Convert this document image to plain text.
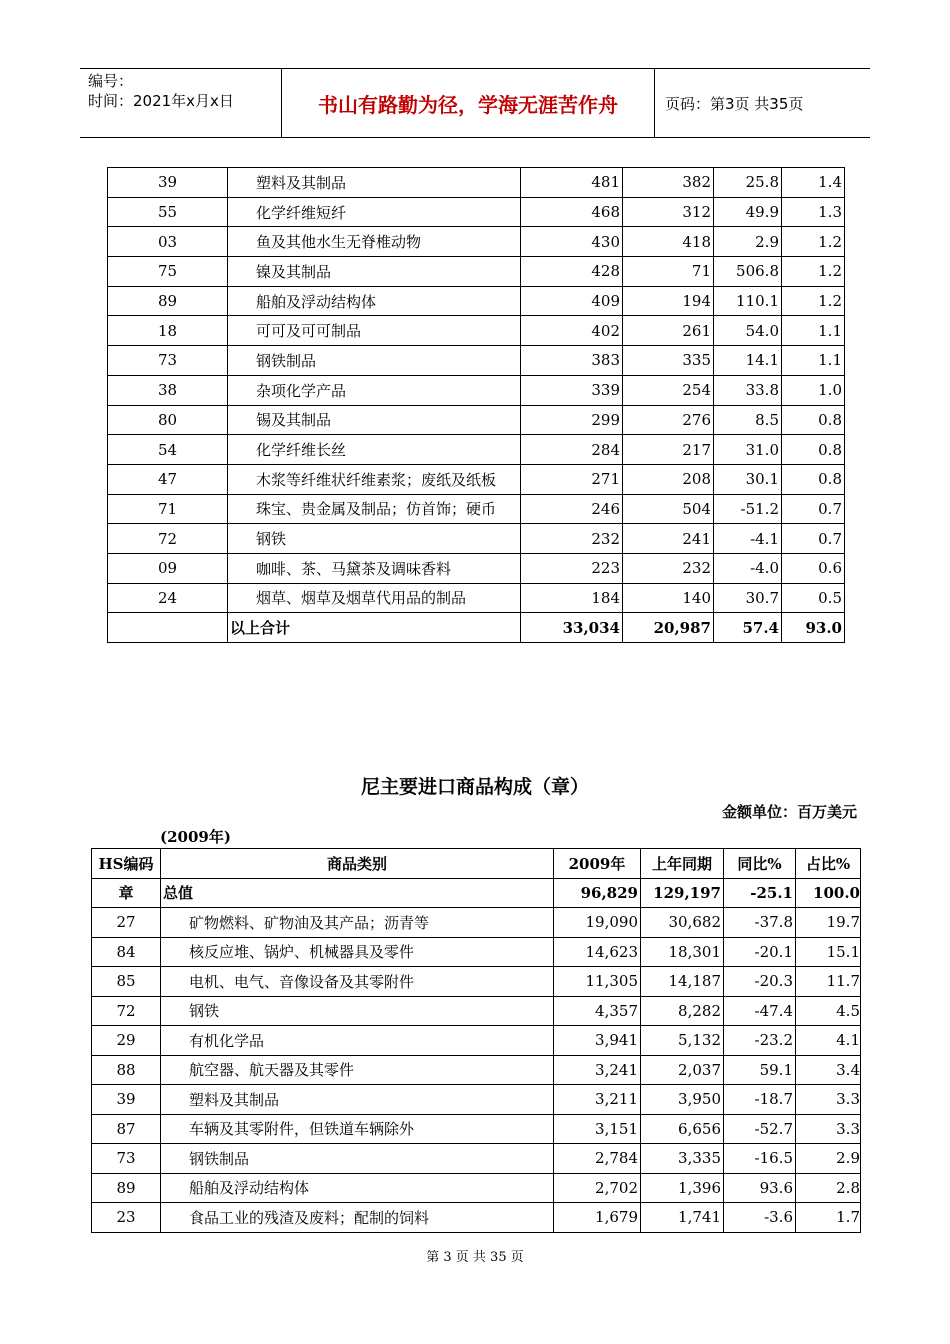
编号：
时间：2021年x月x日	书山有路勤为径，学海无涯苦作舟	页码：第3页 共35页
39	塑料及其制品	481	382	25.8	1.4
55	化学纤维短纤	468	312	49.9	1.3
03	鱼及其他水生无脊椎动物	430	418	2.9	1.2
75	镍及其制品	428	71	506.8	1.2
89	船舶及浮动结构体	409	194	110.1	1.2
18	可可及可可制品	402	261	54.0	1.1
73	钢铁制品	383	335	14.1	1.1
38	杂项化学产品	339	254	33.8	1.0
80	锡及其制品	299	276	8.5	0.8
54	化学纤维长丝	284	217	31.0	0.8
47	木浆等纤维状纤维素浆；废纸及纸板	271	208	30.1	0.8
71	珠宝、贵金属及制品；仿首饰；硬币	246	504	-51.2	0.7
72	钢铁	232	241	-4.1	0.7
09	咖啡、茶、马黛茶及调味香料	223	232	-4.0	0.6
24	烟草、烟草及烟草代用品的制品	184	140	30.7	0.5
	以上合计	33,034	20,987	57.4	93.0
尼主要进口商品构成（章）
金额单位：百万美元
(2009年)
HS编码	商品类别	2009年	上年同期	同比%	占比%
章	总值	96,829	129,197	-25.1	100.0
27	矿物燃料、矿物油及其产品；沥青等	19,090	30,682	-37.8	19.7
84	核反应堆、锅炉、机械器具及零件	14,623	18,301	-20.1	15.1
85	电机、电气、音像设备及其零附件	11,305	14,187	-20.3	11.7
72	钢铁	4,357	8,282	-47.4	4.5
29	有机化学品	3,941	5,132	-23.2	4.1
88	航空器、航天器及其零件	3,241	2,037	59.1	3.4
39	塑料及其制品	3,211	3,950	-18.7	3.3
87	车辆及其零附件，但铁道车辆除外	3,151	6,656	-52.7	3.3
73	钢铁制品	2,784	3,335	-16.5	2.9
89	船舶及浮动结构体	2,702	1,396	93.6	2.8
23	食品工业的残渣及废料；配制的饲料	1,679	1,741	-3.6	1.7
第 3 页 共 35 页
